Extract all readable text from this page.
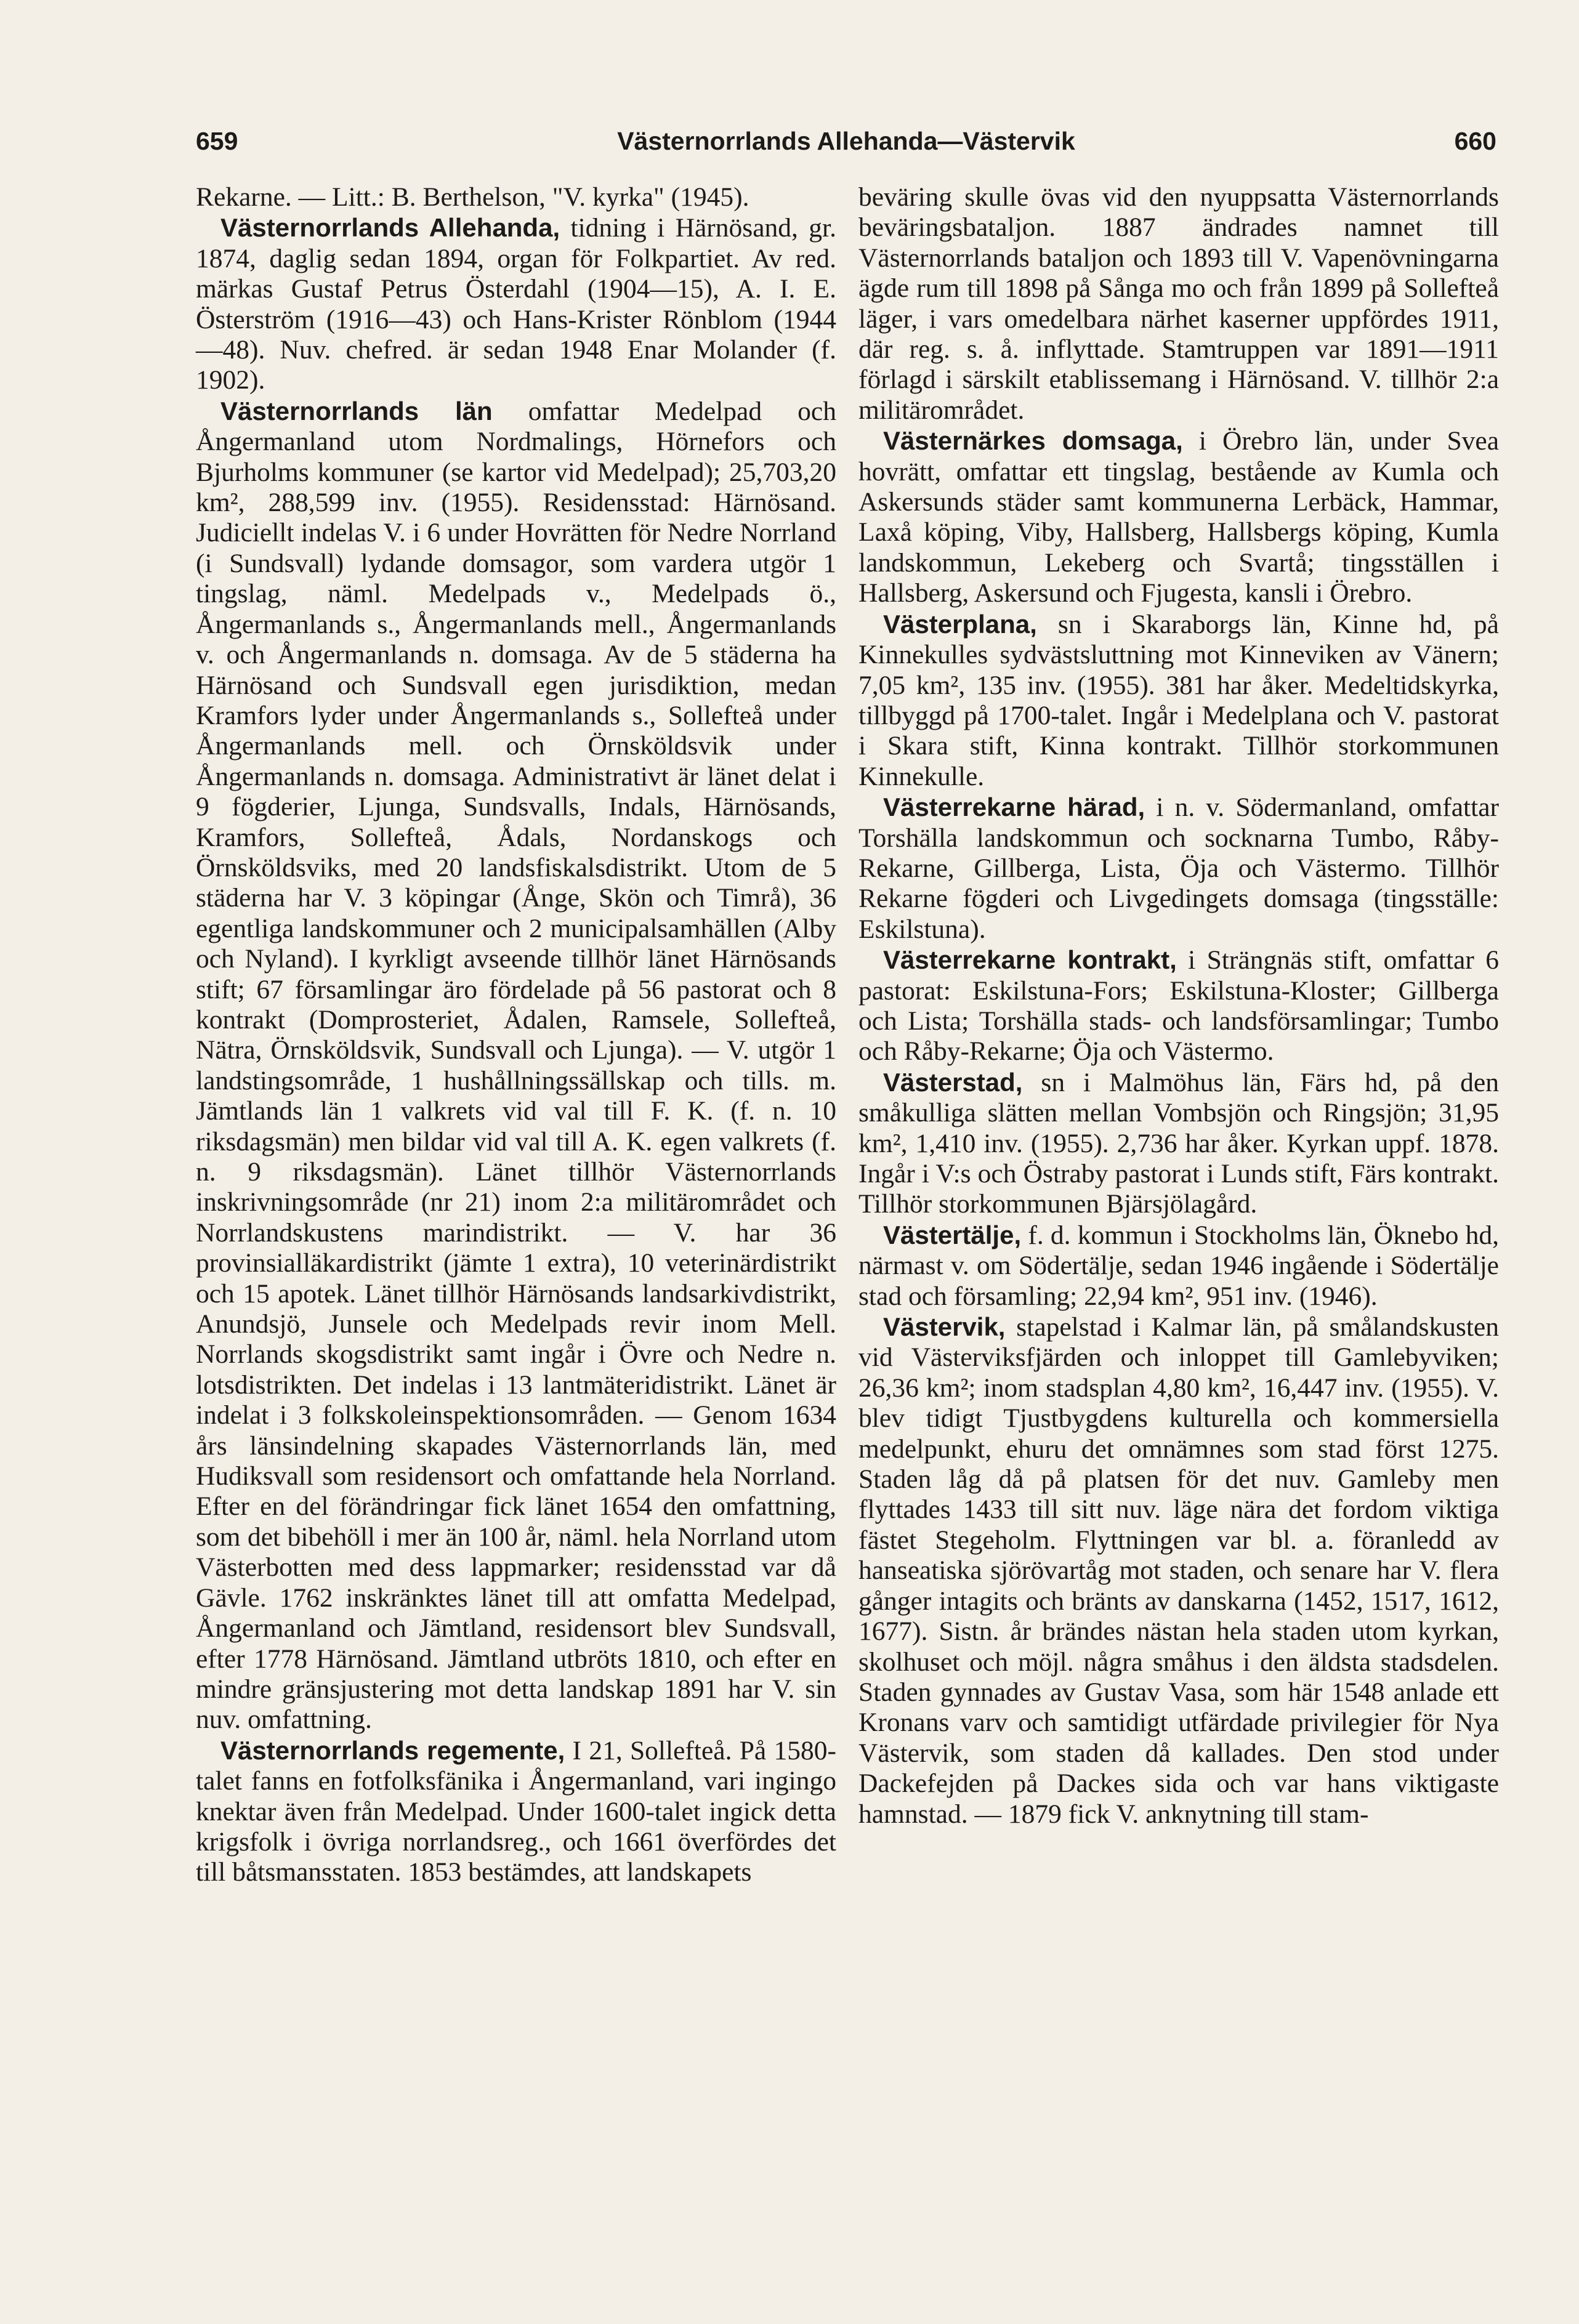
659	Västernorrlands Allehanda—Västervik	660

Rekarne. — Litt.: B. Berthelson, "V. kyrka" (1945).

Västernorrlands Allehanda, tidning i Härnösand, gr. 1874, daglig sedan 1894, organ för Folkpartiet. Av red. märkas Gustaf Petrus Österdahl (1904—15), A. I. E. Österström (1916—43) och Hans-Krister Rönblom (1944—48). Nuv. chefred. är sedan 1948 Enar Molander (f. 1902).

Västernorrlands län omfattar Medelpad och Ångermanland utom Nordmalings, Hörnefors och Bjurholms kommuner (se kartor vid Medelpad); 25,703,20 km², 288,599 inv. (1955). Residensstad: Härnösand. Judiciellt indelas V. i 6 under Hovrätten för Nedre Norrland (i Sundsvall) lydande domsagor, som vardera utgör 1 tingslag, näml. Medelpads v., Medelpads ö., Ångermanlands s., Ångermanlands mell., Ångermanlands v. och Ångermanlands n. domsaga. Av de 5 städerna ha Härnösand och Sundsvall egen jurisdiktion, medan Kramfors lyder under Ångermanlands s., Sollefteå under Ångermanlands mell. och Örnsköldsvik under Ångermanlands n. domsaga. Administrativt är länet delat i 9 fögderier, Ljunga, Sundsvalls, Indals, Härnösands, Kramfors, Sollefteå, Ådals, Nordanskogs och Örnsköldsviks, med 20 landsfiskalsdistrikt. Utom de 5 städerna har V. 3 köpingar (Ånge, Skön och Timrå), 36 egentliga landskommuner och 2 municipalsamhällen (Alby och Nyland). I kyrkligt avseende tillhör länet Härnösands stift; 67 församlingar äro fördelade på 56 pastorat och 8 kontrakt (Domprosteriet, Ådalen, Ramsele, Sollefteå, Nätra, Örnsköldsvik, Sundsvall och Ljunga). — V. utgör 1 landstingsområde, 1 hushållningssällskap och tills. m. Jämtlands län 1 valkrets vid val till F. K. (f. n. 10 riksdagsmän) men bildar vid val till A. K. egen valkrets (f. n. 9 riksdagsmän). Länet tillhör Västernorrlands inskrivningsområde (nr 21) inom 2:a militärområdet och Norrlandskustens marindistrikt. — V. har 36 provinsialläkardistrikt (jämte 1 extra), 10 veterinärdistrikt och 15 apotek. Länet tillhör Härnösands landsarkivdistrikt, Anundsjö, Junsele och Medelpads revir inom Mell. Norrlands skogsdistrikt samt ingår i Övre och Nedre n. lotsdistrikten. Det indelas i 13 lantmäteridistrikt. Länet är indelat i 3 folkskoleinspektionsområden. — Genom 1634 års länsindelning skapades Västernorrlands län, med Hudiksvall som residensort och omfattande hela Norrland. Efter en del förändringar fick länet 1654 den omfattning, som det bibehöll i mer än 100 år, näml. hela Norrland utom Västerbotten med dess lappmarker; residensstad var då Gävle. 1762 inskränktes länet till att omfatta Medelpad, Ångermanland och Jämtland, residensort blev Sundsvall, efter 1778 Härnösand. Jämtland utbröts 1810, och efter en mindre gränsjustering mot detta landskap 1891 har V. sin nuv. omfattning.

Västernorrlands regemente, I 21, Sollefteå. På 1580-talet fanns en fotfolksfänika i Ångermanland, vari ingingo knektar även från Medelpad. Under 1600-talet ingick detta krigsfolk i övriga norrlandsreg., och 1661 överfördes det till båtsmansstaten. 1853 bestämdes, att landskapets

beväring skulle övas vid den nyuppsatta Västernorrlands beväringsbataljon. 1887 ändrades namnet till Västernorrlands bataljon och 1893 till V. Vapenövningarna ägde rum till 1898 på Sånga mo och från 1899 på Sollefteå läger, i vars omedelbara närhet kaserner uppfördes 1911, där reg. s. å. inflyttade. Stamtruppen var 1891—1911 förlagd i särskilt etablissemang i Härnösand. V. tillhör 2:a militärområdet.

Västernärkes domsaga, i Örebro län, under Svea hovrätt, omfattar ett tingslag, bestående av Kumla och Askersunds städer samt kommunerna Lerbäck, Hammar, Laxå köping, Viby, Hallsberg, Hallsbergs köping, Kumla landskommun, Lekeberg och Svartå; tingsställen i Hallsberg, Askersund och Fjugesta, kansli i Örebro.

Västerplana, sn i Skaraborgs län, Kinne hd, på Kinnekulles sydvästsluttning mot Kinneviken av Vänern; 7,05 km², 135 inv. (1955). 381 har åker. Medeltidskyrka, tillbyggd på 1700-talet. Ingår i Medelplana och V. pastorat i Skara stift, Kinna kontrakt. Tillhör storkommunen Kinnekulle.

Västerrekarne härad, i n. v. Södermanland, omfattar Torshälla landskommun och socknarna Tumbo, Råby-Rekarne, Gillberga, Lista, Öja och Västermo. Tillhör Rekarne fögderi och Livgedingets domsaga (tingsställe: Eskilstuna).

Västerrekarne kontrakt, i Strängnäs stift, omfattar 6 pastorat: Eskilstuna-Fors; Eskilstuna-Kloster; Gillberga och Lista; Torshälla stads- och landsförsamlingar; Tumbo och Råby-Rekarne; Öja och Västermo.

Västerstad, sn i Malmöhus län, Färs hd, på den småkulliga slätten mellan Vombsjön och Ringsjön; 31,95 km², 1,410 inv. (1955). 2,736 har åker. Kyrkan uppf. 1878. Ingår i V:s och Östraby pastorat i Lunds stift, Färs kontrakt. Tillhör storkommunen Bjärsjölagård.

Västertälje, f. d. kommun i Stockholms län, Öknebo hd, närmast v. om Södertälje, sedan 1946 ingående i Södertälje stad och församling; 22,94 km², 951 inv. (1946).

Västervik, stapelstad i Kalmar län, på smålandskusten vid Västerviksfjärden och inloppet till Gamlebyviken; 26,36 km²; inom stadsplan 4,80 km², 16,447 inv. (1955). V. blev tidigt Tjustbygdens kulturella och kommersiella medelpunkt, ehuru det omnämnes som stad först 1275. Staden låg då på platsen för det nuv. Gamleby men flyttades 1433 till sitt nuv. läge nära det fordom viktiga fästet Stegeholm. Flyttningen var bl. a. föranledd av hanseatiska sjörövartåg mot staden, och senare har V. flera gånger intagits och bränts av danskarna (1452, 1517, 1612, 1677). Sistn. år brändes nästan hela staden utom kyrkan, skolhuset och möjl. några småhus i den äldsta stadsdelen. Staden gynnades av Gustav Vasa, som här 1548 anlade ett Kronans varv och samtidigt utfärdade privilegier för Nya Västervik, som staden då kallades. Den stod under Dackefejden på Dackes sida och var hans viktigaste hamnstad. — 1879 fick V. anknytning till stam-
